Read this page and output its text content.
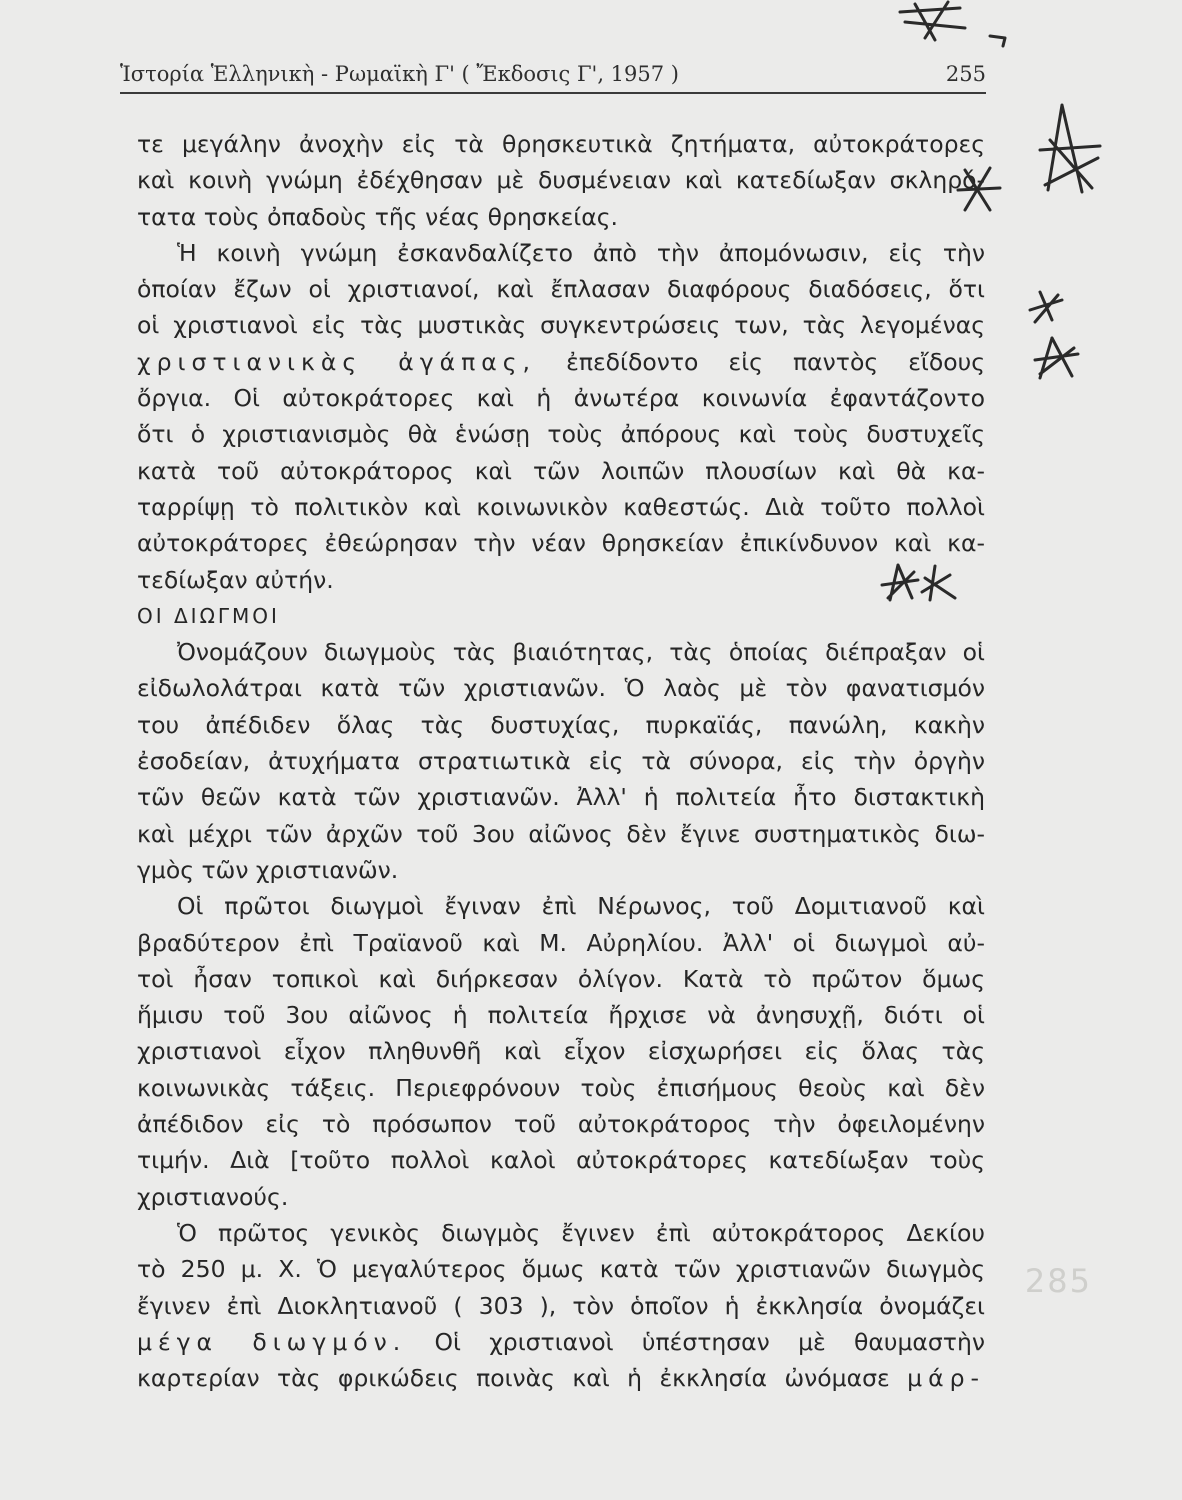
Ἱστορία Ἑλληνικὴ - Ρωμαϊκὴ Γ' ( Ἔκδοσις Γ', 1957 )	255
τε μεγάλην ἀνοχὴν εἰς τὰ θρησκευτικὰ ζητήματα, αὐτοκράτορες
καὶ κοινὴ γνώμη ἐδέχθησαν μὲ δυσμένειαν καὶ κατεδίωξαν σκληρό-
τατα τοὺς ὀπαδοὺς τῆς νέας θρησκείας.
Ἡ κοινὴ γνώμη ἐσκανδαλίζετο ἀπὸ τὴν ἀπομόνωσιν, εἰς τὴν
ὁποίαν ἔζων οἱ χριστιανοί, καὶ ἔπλασαν διαφόρους διαδόσεις, ὅτι
οἱ χριστιανοὶ εἰς τὰς μυστικὰς συγκεντρώσεις των, τὰς λεγομένας
χριστιανικὰς ἀγάπας, ἐπεδίδοντο εἰς παντὸς εἴδους
ὄργια. Οἱ αὐτοκράτορες καὶ ἡ ἀνωτέρα κοινωνία ἐφαντάζοντο
ὅτι ὁ χριστιανισμὸς θὰ ἑνώσῃ τοὺς ἀπόρους καὶ τοὺς δυστυχεῖς
κατὰ τοῦ αὐτοκράτορος καὶ τῶν λοιπῶν πλουσίων καὶ θὰ κα-
ταρρίψῃ τὸ πολιτικὸν καὶ κοινωνικὸν καθεστώς. Διὰ τοῦτο πολλοὶ
αὐτοκράτορες ἐθεώρησαν τὴν νέαν θρησκείαν ἐπικίνδυνον καὶ κα-
τεδίωξαν αὐτήν.
ΟΙ ΔΙΩΓΜΟΙ
Ὀνομάζουν διωγμοὺς τὰς βιαιότητας, τὰς ὁποίας διέπραξαν οἱ
εἰδωλολάτραι κατὰ τῶν χριστιανῶν. Ὁ λαὸς μὲ τὸν φανατισμόν
του ἀπέδιδεν ὅλας τὰς δυστυχίας, πυρκαϊάς, πανώλη, κακὴν
ἐσοδείαν, ἀτυχήματα στρατιωτικὰ εἰς τὰ σύνορα, εἰς τὴν ὀργὴν
τῶν θεῶν κατὰ τῶν χριστιανῶν. Ἀλλ' ἡ πολιτεία ἦτο διστακτικὴ
καὶ μέχρι τῶν ἀρχῶν τοῦ 3ου αἰῶνος δὲν ἔγινε συστηματικὸς διω-
γμὸς τῶν χριστιανῶν.
Οἱ πρῶτοι διωγμοὶ ἔγιναν ἐπὶ Νέρωνος, τοῦ Δομιτιανοῦ καὶ
βραδύτερον ἐπὶ Τραϊανοῦ καὶ Μ. Αὐρηλίου. Ἀλλ' οἱ διωγμοὶ αὐ-
τοὶ ἦσαν τοπικοὶ καὶ διήρκεσαν ὀλίγον. Κατὰ τὸ πρῶτον ὅμως
ἥμισυ τοῦ 3ου αἰῶνος ἡ πολιτεία ἤρχισε νὰ ἀνησυχῇ, διότι οἱ
χριστιανοὶ εἶχον πληθυνθῆ καὶ εἶχον εἰσχωρήσει εἰς ὅλας τὰς
κοινωνικὰς τάξεις. Περιεφρόνουν τοὺς ἐπισήμους θεοὺς καὶ δὲν
ἀπέδιδον εἰς τὸ πρόσωπον τοῦ αὐτοκράτορος τὴν ὀφειλομένην
τιμήν. Διὰ [τοῦτο πολλοὶ καλοὶ αὐτοκράτορες κατεδίωξαν τοὺς
χριστιανούς.
Ὁ πρῶτος γενικὸς διωγμὸς ἔγινεν ἐπὶ αὐτοκράτορος Δεκίου
τὸ 250 μ. Χ. Ὁ μεγαλύτερος ὅμως κατὰ τῶν χριστιανῶν διωγμὸς
ἔγινεν ἐπὶ Διοκλητιανοῦ ( 303 ), τὸν ὁποῖον ἡ ἐκκλησία ὀνομάζει
μέγα διωγμόν. Οἱ χριστιανοὶ ὑπέστησαν μὲ θαυμαστὴν
καρτερίαν τὰς φρικώδεις ποινὰς καὶ ἡ ἐκκλησία ὠνόμασε μάρ-
285
